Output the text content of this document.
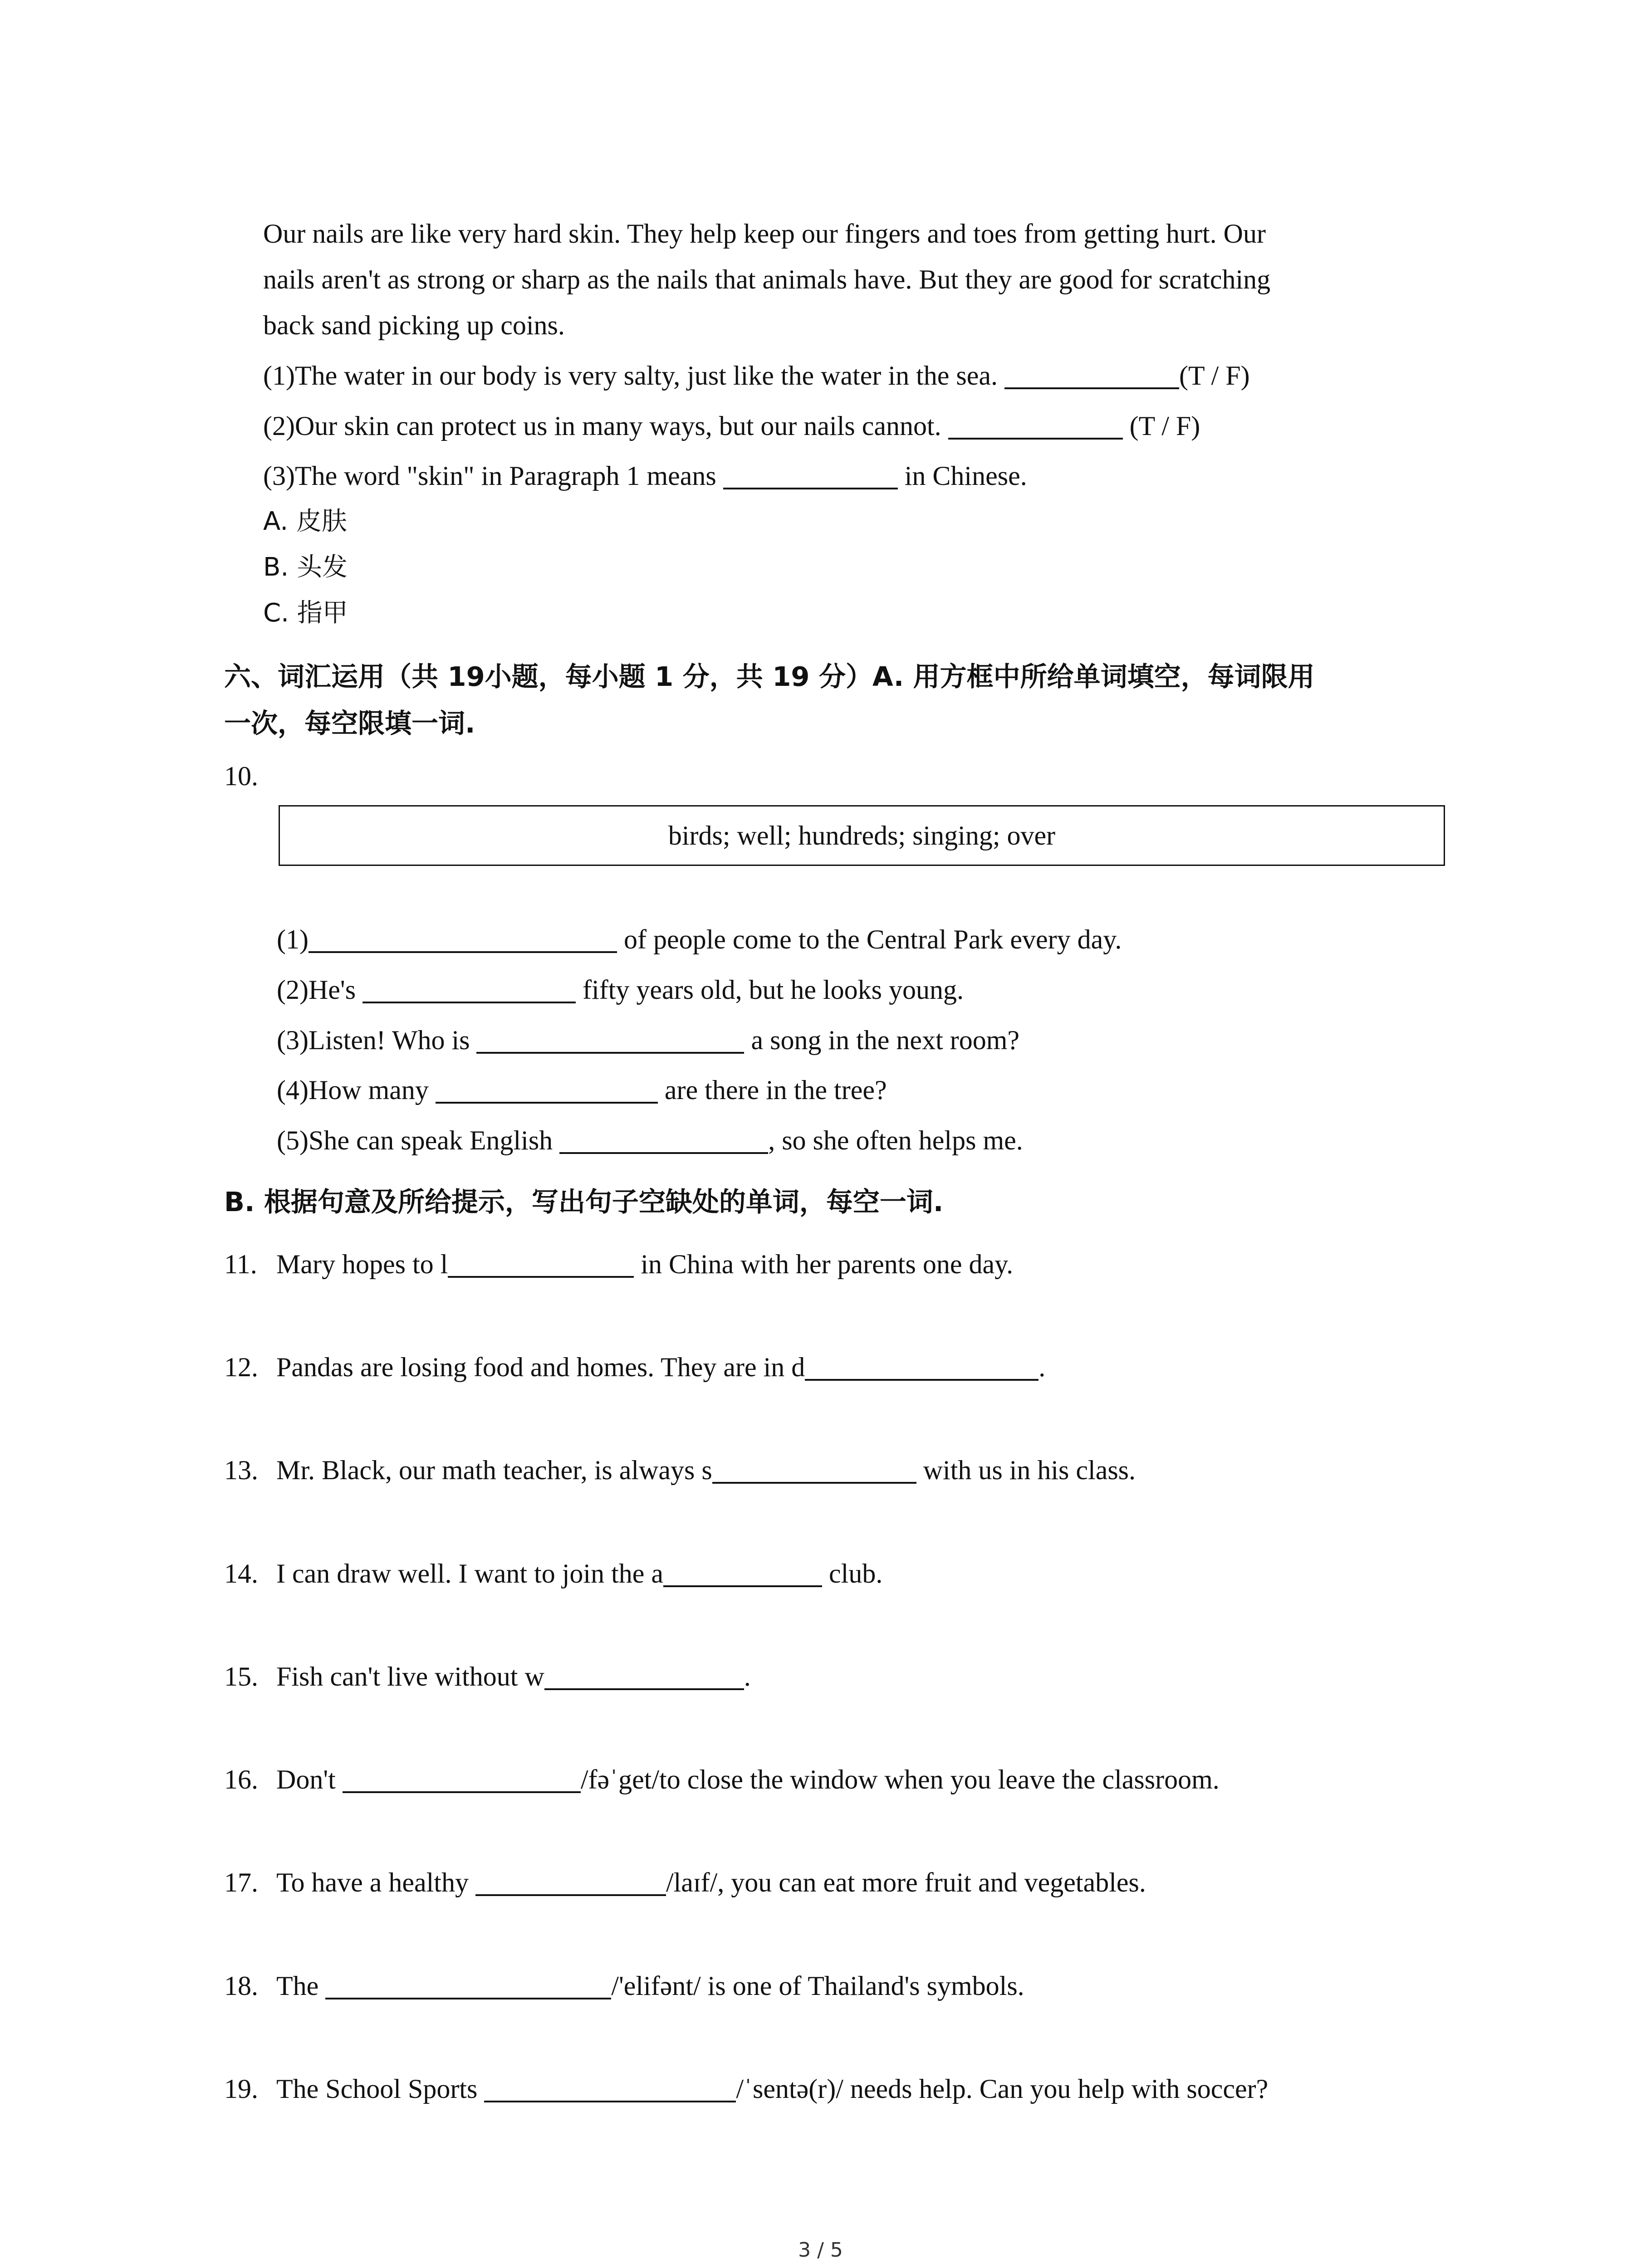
Our nails are like very hard skin. They help keep our fingers and toes from getting hurt. Our
nails aren't as strong or sharp as the nails that animals have. But they are good for scratching
back sand picking up coins.
(1)The water in our body is very salty, just like the water in the sea.	(T / F)
(2)Our skin can protect us in many ways, but our nails cannot.	(T / F)
(3)The word "skin" in Paragraph 1 means	in Chinese.
A. 皮肤
B. 头发
C. 指甲
六、词汇运用（共 19小题，每小题 1 分，共 19 分）A. 用方框中所给单词填空，每词限用
一次，每空限填一词.
10.
birds; well; hundreds; singing; over
(1)	of people come to the Central Park every day.
(2)He's	fifty years old, but he looks young.
(3)Listen! Who is	a song in the next room?
(4)How many	are there in the tree?
(5)She can speak English	, so she often helps me.
B. 根据句意及所给提示，写出句子空缺处的单词，每空一词.
11. Mary hopes to l	in China with her parents one day.
12. Pandas are losing food and homes. They are in d	.
13. Mr. Black, our math teacher, is always s	with us in his class.
14. I can draw well. I want to join the a	club.
15. Fish can't live without w	.
16. Don't	/fəˈget/to close the window when you leave the classroom.
17. To have a healthy	/laɪf/, you can eat more fruit and vegetables.
18. The	/'elifənt/ is one of Thailand's symbols.
19. The School Sports	/ˈsentə(r)/ needs help. Can you help with soccer?
3 / 5
